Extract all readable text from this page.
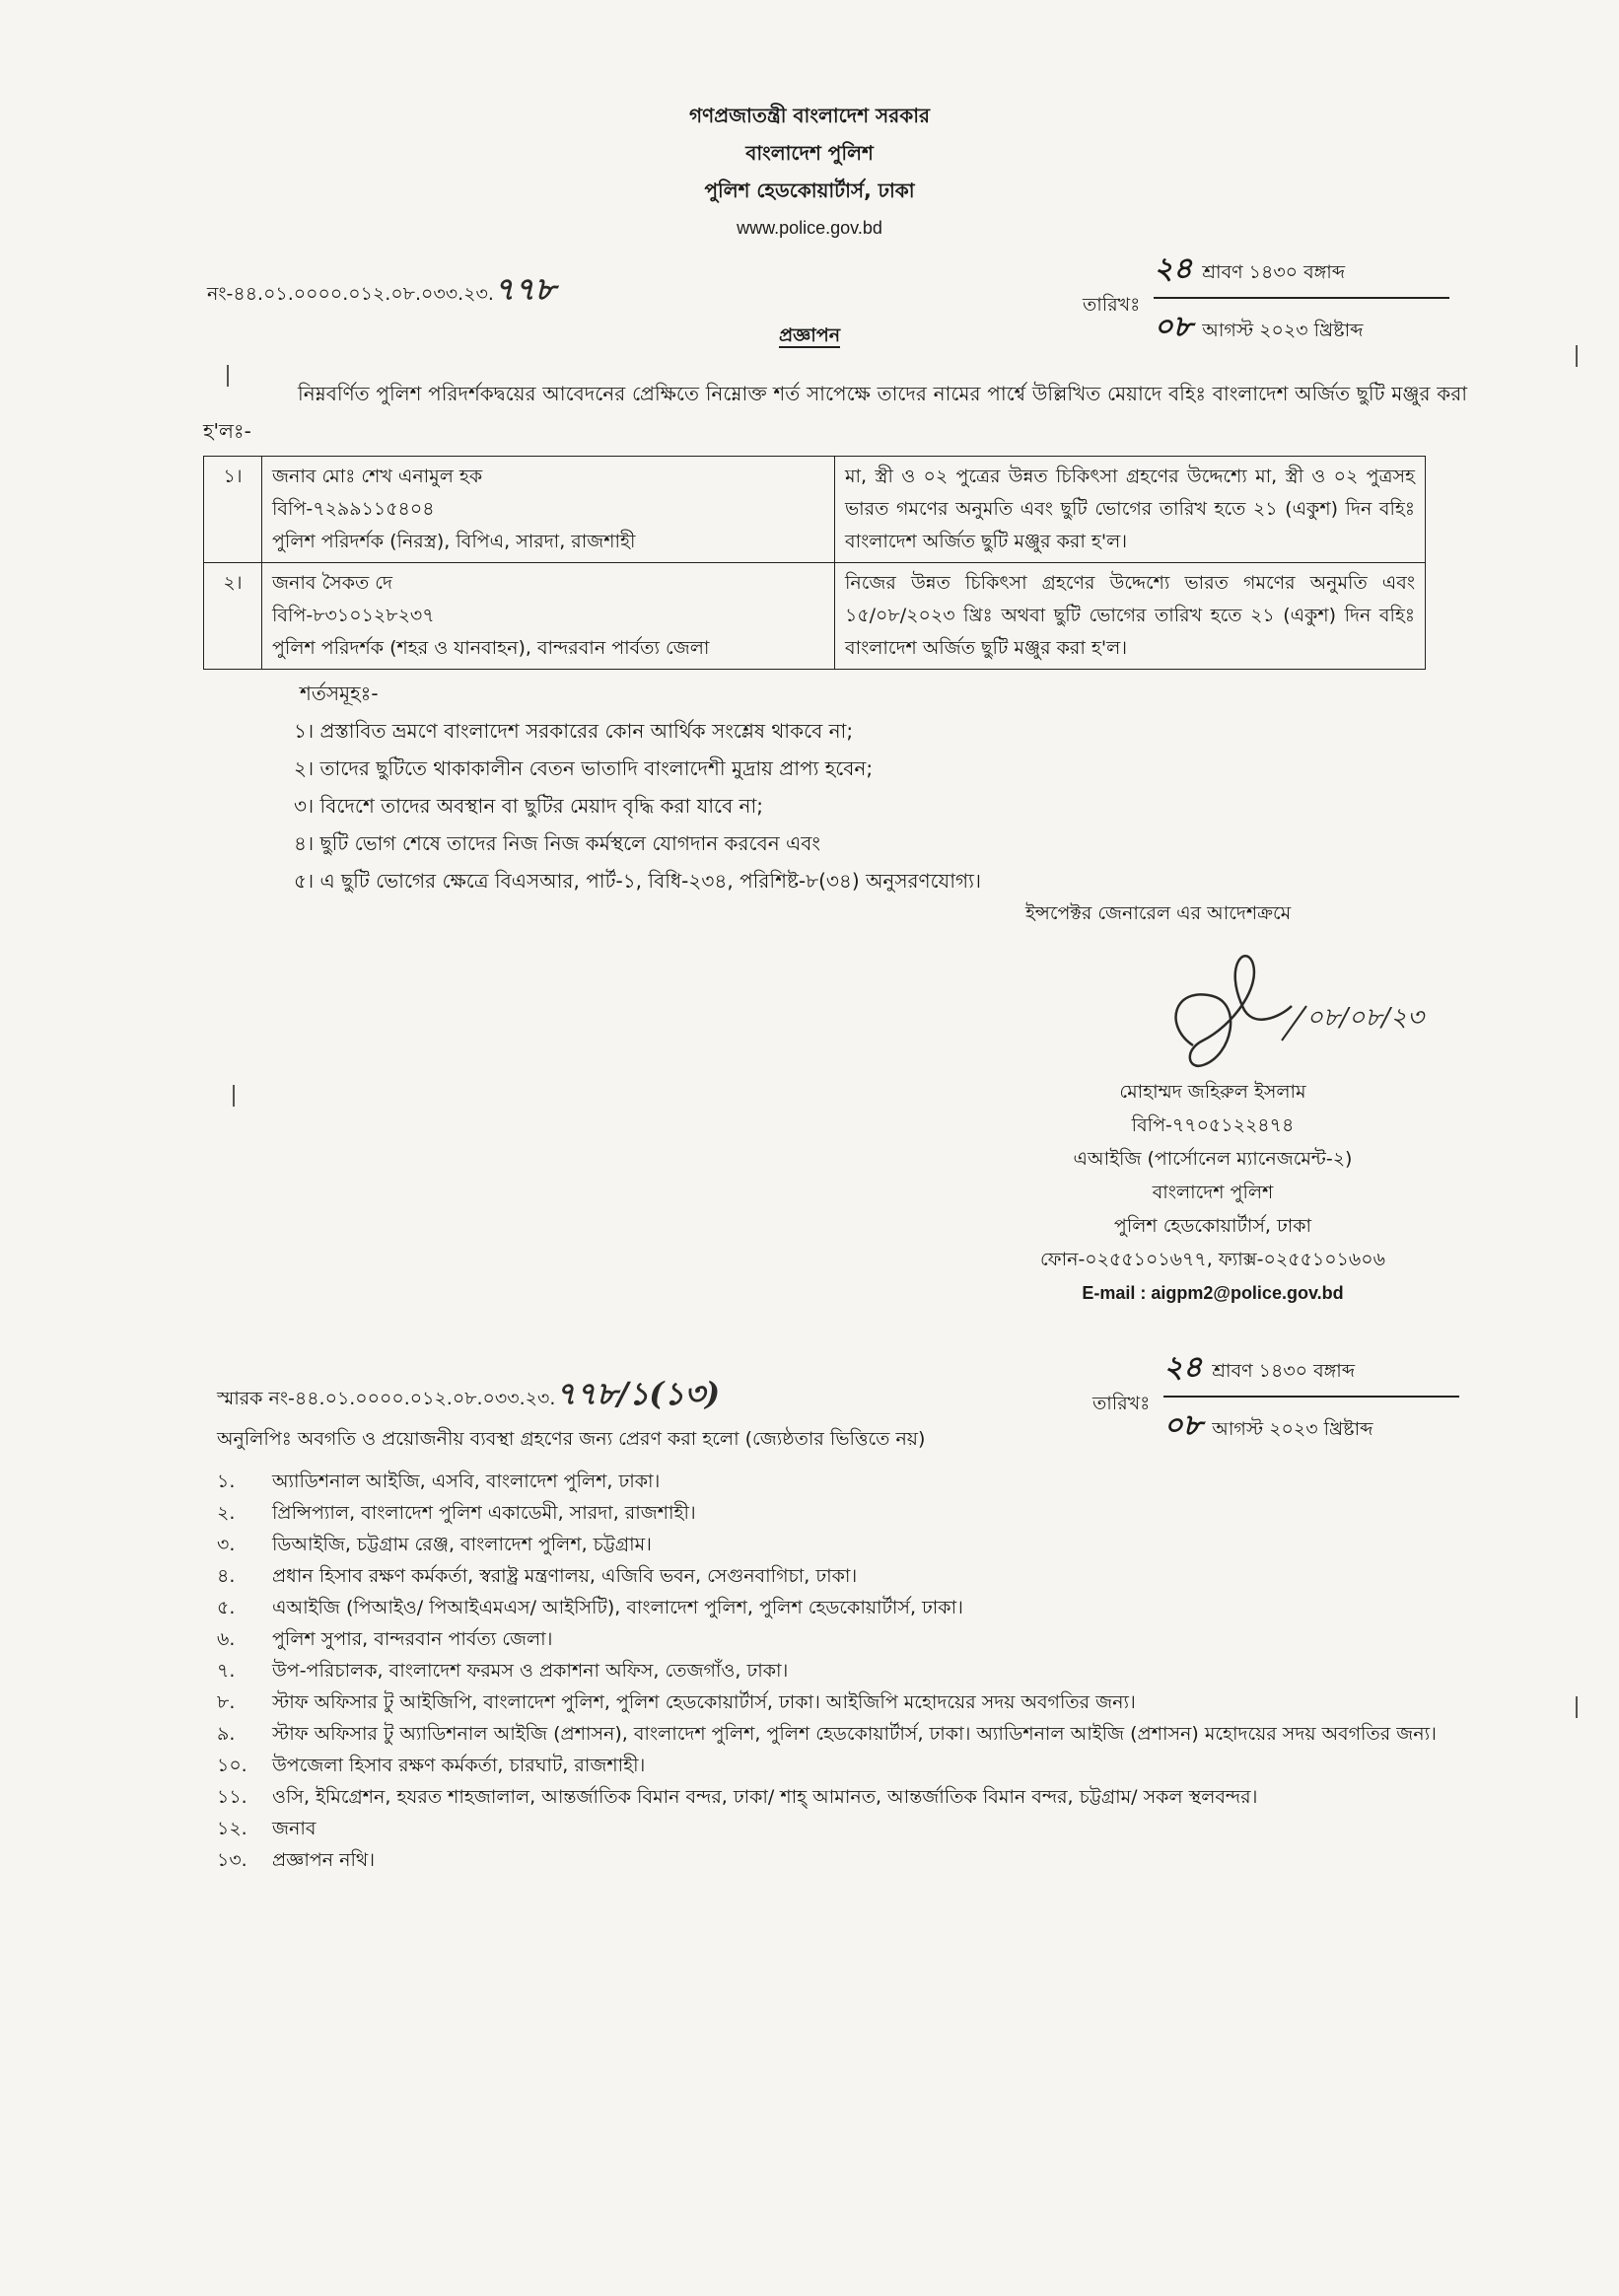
গণপ্রজাতন্ত্রী বাংলাদেশ সরকার
বাংলাদেশ পুলিশ
পুলিশ হেডকোয়ার্টার্স, ঢাকা
www.police.gov.bd
নং-৪৪.০১.০০০০.০১২.০৮.০৩৩.২৩. ৭৭৮	তারিখঃ
২৪ শ্রাবণ ১৪৩০ বঙ্গাব্দ
০৮ আগস্ট ২০২৩ খ্রিষ্টাব্দ
প্রজ্ঞাপন
নিম্নবর্ণিত পুলিশ পরিদর্শকদ্বয়ের আবেদনের প্রেক্ষিতে নিম্নোক্ত শর্ত সাপেক্ষে তাদের নামের পার্শ্বে উল্লিখিত মেয়াদে বহিঃ বাংলাদেশ অর্জিত ছুটি মঞ্জুর করা হ'লঃ-
১।	জনাব মোঃ শেখ এনামুল হক
বিপি-৭২৯৯১১৫৪০৪
পুলিশ পরিদর্শক (নিরস্ত্র), বিপিএ, সারদা, রাজশাহী	মা, স্ত্রী ও ০২ পুত্রের উন্নত চিকিৎসা গ্রহণের উদ্দেশ্যে মা, স্ত্রী ও ০২ পুত্রসহ ভারত গমণের অনুমতি এবং ছুটি ভোগের তারিখ হতে ২১ (একুশ) দিন বহিঃ বাংলাদেশ অর্জিত ছুটি মঞ্জুর করা হ'ল।
২।	জনাব সৈকত দে
বিপি-৮৩১০১২৮২৩৭
পুলিশ পরিদর্শক (শহর ও যানবাহন), বান্দরবান পার্বত্য জেলা	নিজের উন্নত চিকিৎসা গ্রহণের উদ্দেশ্যে ভারত গমণের অনুমতি এবং ১৫/০৮/২০২৩ খ্রিঃ অথবা ছুটি ভোগের তারিখ হতে ২১ (একুশ) দিন বহিঃ বাংলাদেশ অর্জিত ছুটি মঞ্জুর করা হ'ল।
শর্তসমূহঃ-
১। প্রস্তাবিত ভ্রমণে বাংলাদেশ সরকারের কোন আর্থিক সংশ্লেষ থাকবে না;
২। তাদের ছুটিতে থাকাকালীন বেতন ভাতাদি বাংলাদেশী মুদ্রায় প্রাপ্য হবেন;
৩। বিদেশে তাদের অবস্থান বা ছুটির মেয়াদ বৃদ্ধি করা যাবে না;
৪। ছুটি ভোগ শেষে তাদের নিজ নিজ কর্মস্থলে যোগদান করবেন এবং
৫। এ ছুটি ভোগের ক্ষেত্রে বিএসআর, পার্ট-১, বিধি-২৩৪, পরিশিষ্ট-৮(৩৪) অনুসরণযোগ্য।
ইন্সপেক্টর জেনারেল এর আদেশক্রমে
০৮/০৮/২৩
মোহাম্মদ জহিরুল ইসলাম
বিপি-৭৭০৫১২২৪৭৪
এআইজি (পার্সোনেল ম্যানেজমেন্ট-২)
বাংলাদেশ পুলিশ
পুলিশ হেডকোয়ার্টার্স, ঢাকা
ফোন-০২৫৫১০১৬৭৭, ফ্যাক্স-০২৫৫১০১৬০৬
E-mail : aigpm2@police.gov.bd
স্মারক নং-৪৪.০১.০০০০.০১২.০৮.০৩৩.২৩. ৭৭৮/১(১৩)	তারিখঃ
২৪ শ্রাবণ ১৪৩০ বঙ্গাব্দ
০৮ আগস্ট ২০২৩ খ্রিষ্টাব্দ
অনুলিপিঃ অবগতি ও প্রয়োজনীয় ব্যবস্থা গ্রহণের জন্য প্রেরণ করা হলো (জ্যেষ্ঠতার ভিত্তিতে নয়)
১.	অ্যাডিশনাল আইজি, এসবি, বাংলাদেশ পুলিশ, ঢাকা।
২.	প্রিন্সিপ্যাল, বাংলাদেশ পুলিশ একাডেমী, সারদা, রাজশাহী।
৩.	ডিআইজি, চট্টগ্রাম রেঞ্জ, বাংলাদেশ পুলিশ, চট্টগ্রাম।
৪.	প্রধান হিসাব রক্ষণ কর্মকর্তা, স্বরাষ্ট্র মন্ত্রণালয়, এজিবি ভবন, সেগুনবাগিচা, ঢাকা।
৫.	এআইজি (পিআইও/ পিআইএমএস/ আইসিটি), বাংলাদেশ পুলিশ, পুলিশ হেডকোয়ার্টার্স, ঢাকা।
৬.	পুলিশ সুপার, বান্দরবান পার্বত্য জেলা।
৭.	উপ-পরিচালক, বাংলাদেশ ফরমস ও প্রকাশনা অফিস, তেজগাঁও, ঢাকা।
৮.	স্টাফ অফিসার টু আইজিপি, বাংলাদেশ পুলিশ, পুলিশ হেডকোয়ার্টার্স, ঢাকা। আইজিপি মহোদয়ের সদয় অবগতির জন্য।
৯.	স্টাফ অফিসার টু অ্যাডিশনাল আইজি (প্রশাসন), বাংলাদেশ পুলিশ, পুলিশ হেডকোয়ার্টার্স, ঢাকা। অ্যাডিশনাল আইজি (প্রশাসন) মহোদয়ের সদয় অবগতির জন্য।
১০.	উপজেলা হিসাব রক্ষণ কর্মকর্তা, চারঘাট, রাজশাহী।
১১.	ওসি, ইমিগ্রেশন, হযরত শাহজালাল, আন্তর্জাতিক বিমান বন্দর, ঢাকা/ শাহ্ আমানত, আন্তর্জাতিক বিমান বন্দর, চট্টগ্রাম/ সকল স্থলবন্দর।
১২.	জনাব
১৩.	প্রজ্ঞাপন নথি।
